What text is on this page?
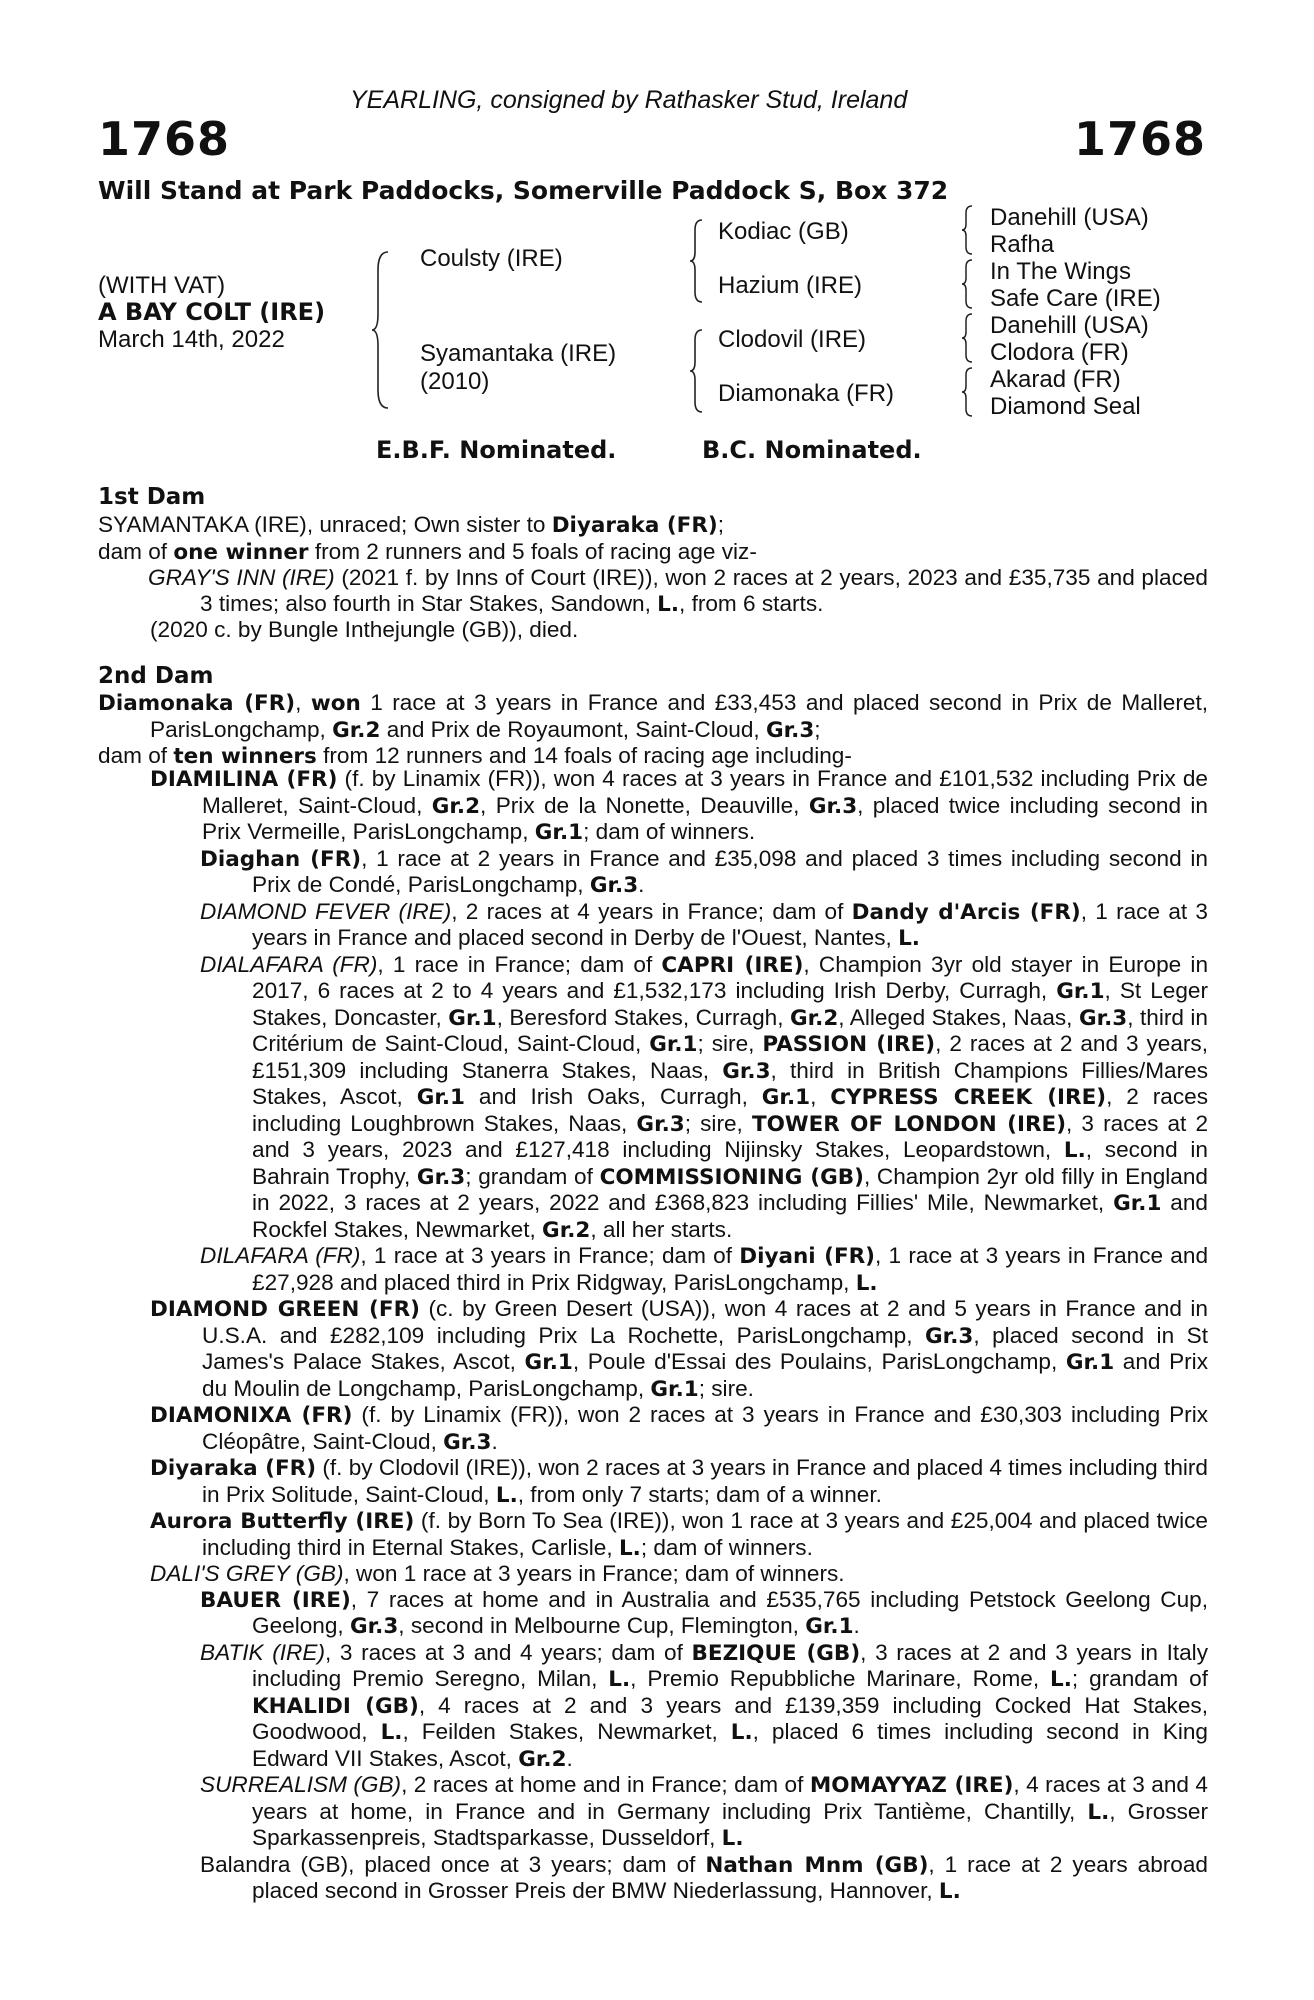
YEARLING, consigned by Rathasker Stud, Ireland
1768	1768
Will Stand at Park Paddocks, Somerville Paddock S, Box 372
(WITH VAT)
A BAY COLT (IRE)
March 14th, 2022
Coulsty (IRE)
Syamantaka (IRE)
(2010)
Kodiac (GB)
Hazium (IRE)
Clodovil (IRE)
Diamonaka (FR)
Danehill (USA)
Rafha
In The Wings
Safe Care (IRE)
Danehill (USA)
Clodora (FR)
Akarad (FR)
Diamond Seal
E.B.F. Nominated.	B.C. Nominated.
1st Dam
SYAMANTAKA (IRE), unraced; Own sister to Diyaraka (FR);
dam of one winner from 2 runners and 5 foals of racing age viz-
GRAY'S INN (IRE) (2021 f. by Inns of Court (IRE)), won 2 races at 2 years, 2023 and £35,735 and placed 3 times; also fourth in Star Stakes, Sandown, L., from 6 starts.
(2020 c. by Bungle Inthejungle (GB)), died.
2nd Dam
Diamonaka (FR), won 1 race at 3 years in France and £33,453 and placed second in Prix de Malleret, ParisLongchamp, Gr.2 and Prix de Royaumont, Saint-Cloud, Gr.3;
dam of ten winners from 12 runners and 14 foals of racing age including-
DIAMILINA (FR) (f. by Linamix (FR)), won 4 races at 3 years in France and £101,532 including Prix de Malleret, Saint-Cloud, Gr.2, Prix de la Nonette, Deauville, Gr.3, placed twice including second in Prix Vermeille, ParisLongchamp, Gr.1; dam of winners.
Diaghan (FR), 1 race at 2 years in France and £35,098 and placed 3 times including second in Prix de Condé, ParisLongchamp, Gr.3.
DIAMOND FEVER (IRE), 2 races at 4 years in France; dam of Dandy d'Arcis (FR), 1 race at 3 years in France and placed second in Derby de l'Ouest, Nantes, L.
DIALAFARA (FR), 1 race in France; dam of CAPRI (IRE), Champion 3yr old stayer in Europe in 2017, 6 races at 2 to 4 years and £1,532,173 including Irish Derby, Curragh, Gr.1, St Leger Stakes, Doncaster, Gr.1, Beresford Stakes, Curragh, Gr.2, Alleged Stakes, Naas, Gr.3, third in Critérium de Saint-Cloud, Saint-Cloud, Gr.1; sire, PASSION (IRE), 2 races at 2 and 3 years, £151,309 including Stanerra Stakes, Naas, Gr.3, third in British Champions Fillies/Mares Stakes, Ascot, Gr.1 and Irish Oaks, Curragh, Gr.1, CYPRESS CREEK (IRE), 2 races including Loughbrown Stakes, Naas, Gr.3; sire, TOWER OF LONDON (IRE), 3 races at 2 and 3 years, 2023 and £127,418 including Nijinsky Stakes, Leopardstown, L., second in Bahrain Trophy, Gr.3; grandam of COMMISSIONING (GB), Champion 2yr old filly in England in 2022, 3 races at 2 years, 2022 and £368,823 including Fillies' Mile, Newmarket, Gr.1 and Rockfel Stakes, Newmarket, Gr.2, all her starts.
DILAFARA (FR), 1 race at 3 years in France; dam of Diyani (FR), 1 race at 3 years in France and £27,928 and placed third in Prix Ridgway, ParisLongchamp, L.
DIAMOND GREEN (FR) (c. by Green Desert (USA)), won 4 races at 2 and 5 years in France and in U.S.A. and £282,109 including Prix La Rochette, ParisLongchamp, Gr.3, placed second in St James's Palace Stakes, Ascot, Gr.1, Poule d'Essai des Poulains, ParisLongchamp, Gr.1 and Prix du Moulin de Longchamp, ParisLongchamp, Gr.1; sire.
DIAMONIXA (FR) (f. by Linamix (FR)), won 2 races at 3 years in France and £30,303 including Prix Cléopâtre, Saint-Cloud, Gr.3.
Diyaraka (FR) (f. by Clodovil (IRE)), won 2 races at 3 years in France and placed 4 times including third in Prix Solitude, Saint-Cloud, L., from only 7 starts; dam of a winner.
Aurora Butterfly (IRE) (f. by Born To Sea (IRE)), won 1 race at 3 years and £25,004 and placed twice including third in Eternal Stakes, Carlisle, L.; dam of winners.
DALI'S GREY (GB), won 1 race at 3 years in France; dam of winners.
BAUER (IRE), 7 races at home and in Australia and £535,765 including Petstock Geelong Cup, Geelong, Gr.3, second in Melbourne Cup, Flemington, Gr.1.
BATIK (IRE), 3 races at 3 and 4 years; dam of BEZIQUE (GB), 3 races at 2 and 3 years in Italy including Premio Seregno, Milan, L., Premio Repubbliche Marinare, Rome, L.; grandam of KHALIDI (GB), 4 races at 2 and 3 years and £139,359 including Cocked Hat Stakes, Goodwood, L., Feilden Stakes, Newmarket, L., placed 6 times including second in King Edward VII Stakes, Ascot, Gr.2.
SURREALISM (GB), 2 races at home and in France; dam of MOMAYYAZ (IRE), 4 races at 3 and 4 years at home, in France and in Germany including Prix Tantième, Chantilly, L., Grosser Sparkassenpreis, Stadtsparkasse, Dusseldorf, L.
Balandra (GB), placed once at 3 years; dam of Nathan Mnm (GB), 1 race at 2 years abroad placed second in Grosser Preis der BMW Niederlassung, Hannover, L.
